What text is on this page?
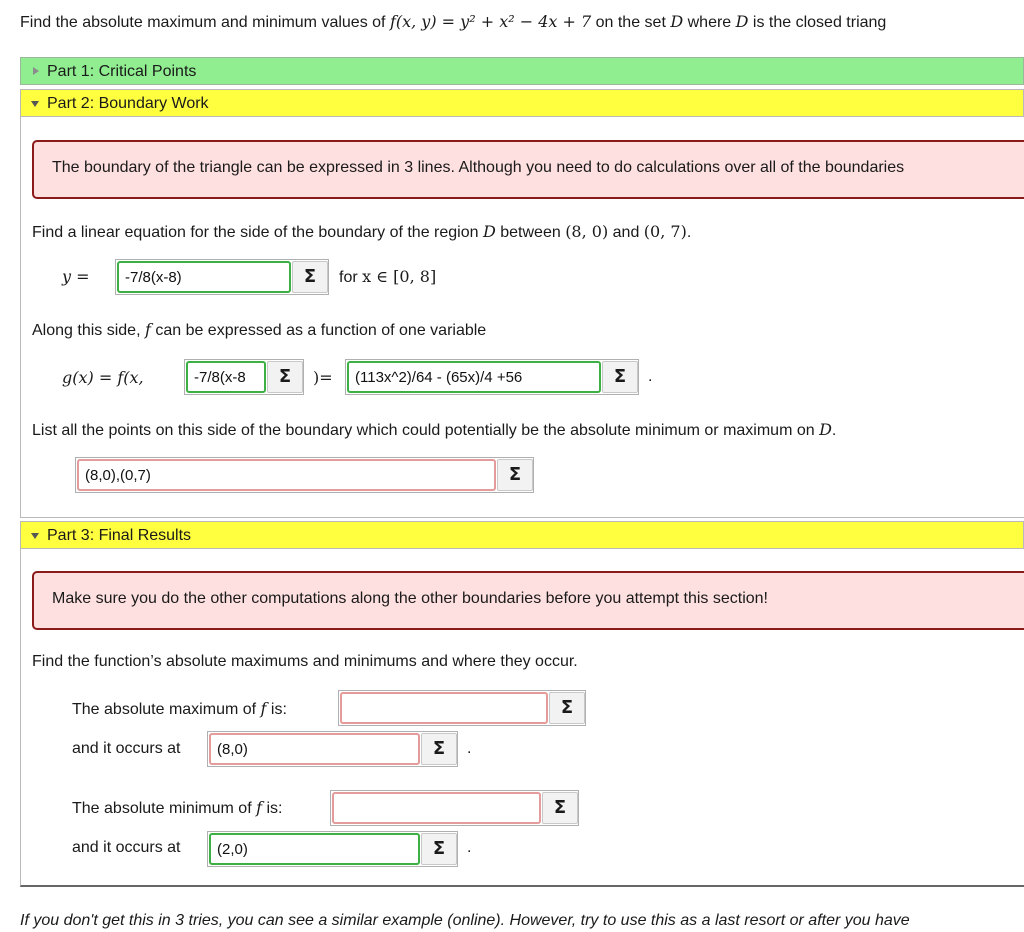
Find the absolute maximum and minimum values of f(x, y) = y² + x² − 4x + 7 on the set D where D is the closed triang
Part 1: Critical Points
Part 2: Boundary Work
The boundary of the triangle can be expressed in 3 lines. Although you need to do calculations over all of the boundaries
Find a linear equation for the side of the boundary of the region D between (8, 0) and (0, 7).
y =
-7/8(x-8)	Σ	for x ∈ [0, 8]
Along this side, f can be expressed as a function of one variable
g(x) = f(x,
-7/8(x-8	Σ	)=
(113x^2)/64 - (65x)/4 +56	Σ	.
List all the points on this side of the boundary which could potentially be the absolute minimum or maximum on D.
(8,0),(0,7)
Σ
Part 3: Final Results
Make sure you do the other computations along the other boundaries before you attempt this section!
Find the function’s absolute maximums and minimums and where they occur.
The absolute maximum of f is:	Σ
and it occurs at
(8,0)	Σ	.
The absolute minimum of f is:	Σ
and it occurs at
(2,0)	Σ	.
If you don't get this in 3 tries, you can see a similar example (online). However, try to use this as a last resort or after you have
